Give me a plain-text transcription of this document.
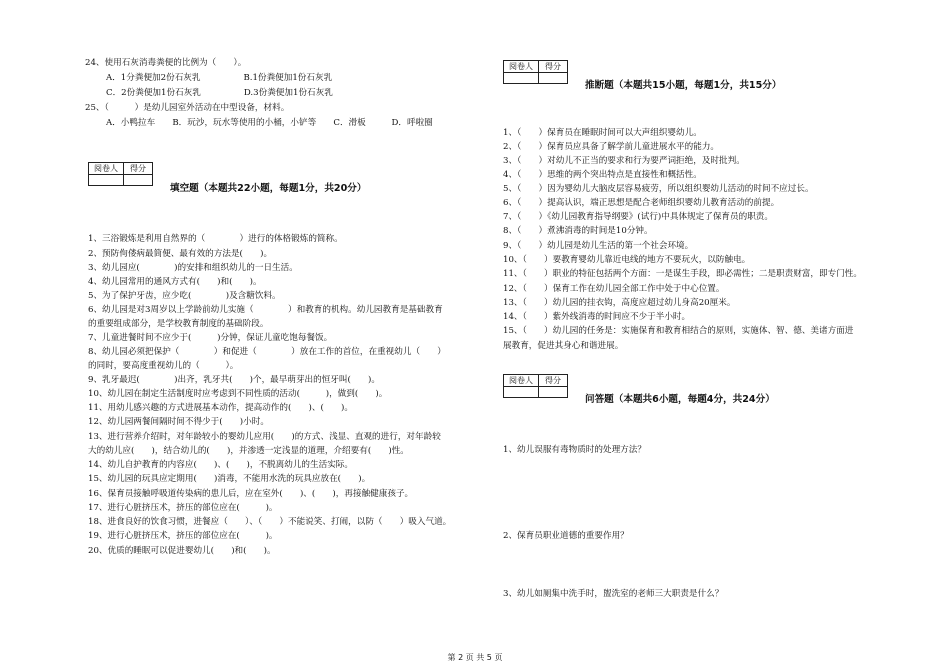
24、使用石灰消毒粪便的比例为（　　）。
A．1分粪便加2份石灰乳　　　　　B.1份粪便加1份石灰乳
C．2份粪便加1份石灰乳　　　　　D.3份粪便加1份石灰乳
25、（　　　）是幼儿园室外活动在中型设备，材料。
A．小鸭拉车　　B．玩沙，玩水等使用的小桶，小铲等　　C．滑板　　　D．呼啦圈
阅卷人	得分

填空题（本题共22小题，每题1分，共20分）
1、三浴锻炼是利用自然界的（　　　　）进行的体格锻炼的简称。
2、预防佝偻病最简便、最有效的方法是(　　)。
3、幼儿园应(　　　　)的安排和组织幼儿的一日生活。
4、幼儿园常用的通风方式有(　　)和(　　)。
5、为了保护牙齿，应少吃(　　　　)及含糖饮料。
6、幼儿园是对3周岁以上学龄前幼儿实施（　　　　）和教育的机构。幼儿园教育是基础教育
的重要组成部分，是学校教育制度的基础阶段。
7、儿童进餐时间不应少于(　　　)分钟，保证儿童吃饱每餐饭。
8、幼儿园必须把保护（　　　　）和促进（　　　　）放在工作的首位，在重视幼儿（　　）
的同时，要高度重视幼儿的（　　　）。
9、乳牙最迟(　　　　)出齐，乳牙共(　　)个，最早萌芽出的恒牙叫(　　)。
10、幼儿园在制定生活制度时应考虑到不同性质的活动(　　　)，做到(　　)。
11、用幼儿感兴趣的方式进展基本动作，提高动作的(　　)、(　　)。
12、幼儿园两餐间隔时间不得少于(　　)小时。
13、进行营养介绍时，对年龄较小的婴幼儿应用(　　)的方式、浅显、直观的进行，对年龄较
大的幼儿应(　　)，结合幼儿的(　　)，并渗透一定浅显的道理，介绍要有(　　)性。
14、幼儿自护教育的内容应(　　)、(　　)，不脱离幼儿的生活实际。
15、幼儿园的玩具应定期用(　　)消毒，不能用水洗的玩具应放在(　　)。
16、保育员接触呼吸道传染病的患儿后，应在室外(　　)、(　　)，再接触健康孩子。
17、进行心脏挤压术，挤压的部位应在(　　　)。
18、进食良好的饮食习惯，进餐应（　　）、（　　）不能说笑、打闹，以防（　　）吸入气道。
19、进行心脏挤压术，挤压的部位应在(　　　)。
20、优质的睡眠可以促进婴幼儿(　　)和(　　)。
阅卷人	得分

推断题（本题共15小题，每题1分，共15分）
1、（　　）保育员在睡眠时间可以大声组织婴幼儿。
2、（　　）保育员应具备了解学前儿童进展水平的能力。
3、（　　）对幼儿不正当的要求和行为要严词拒绝，及时批判。
4、（　　）思维的两个突出特点是直接性和概括性。
5、（　　）因为婴幼儿大脑皮层容易疲劳，所以组织婴幼儿活动的时间不应过长。
6、（　　）提高认识，端正思想是配合老师组织婴幼儿教育活动的前提。
7、（　　）《幼儿园教育指导纲要》(试行)中具体规定了保育员的职责。
8、（　　）煮沸消毒的时间是10分钟。
9、（　　）幼儿园是幼儿生活的第一个社会环境。
10、（　　）要教育婴幼儿靠近电线的地方不要玩火，以防触电。
11、（　　）职业的特征包括两个方面：一是谋生手段，即必需性；二是职责财富，即专门性。
12、（　　）保育工作在幼儿园全部工作中处于中心位置。
13、（　　）幼儿园的挂衣钩，高度应超过幼儿身高20厘米。
14、（　　）紫外线消毒的时间应不少于半小时。
15、（　　）幼儿园的任务是：实施保育和教育相结合的原则，实施体、智、德、美诸方面进
展教育，促进其身心和谐进展。
阅卷人	得分

问答题（本题共6小题，每题4分，共24分）
1、幼儿误服有毒物质时的处理方法？
2、保育员职业道德的重要作用？
3、幼儿如厕集中洗手时，盥洗室的老师三大职责是什么？
第 2 页 共 5 页
